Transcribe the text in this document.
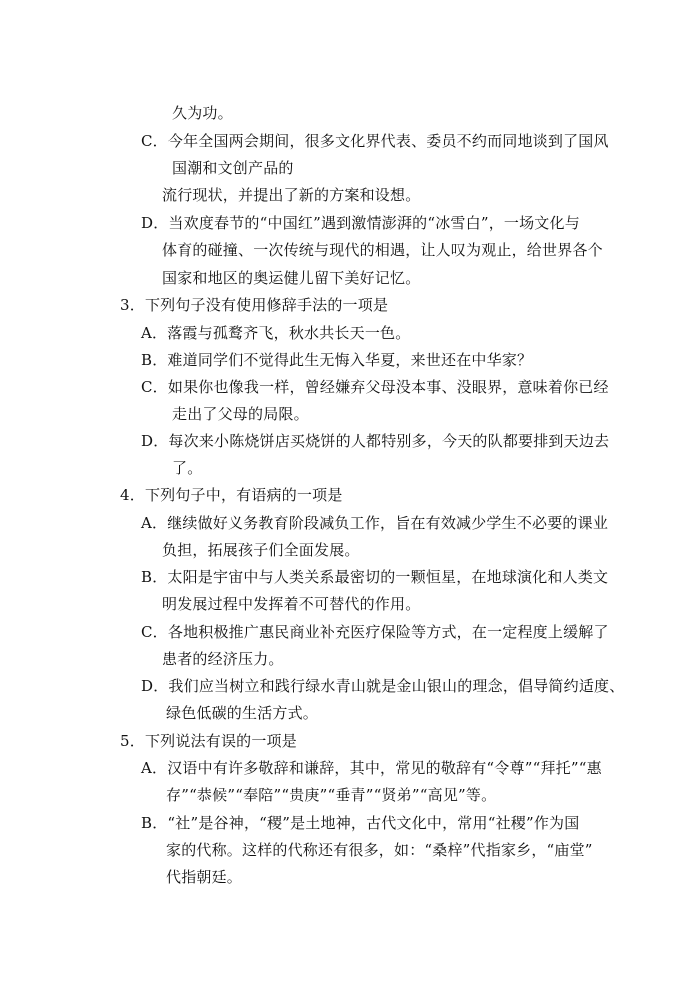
久为功。
C．今年全国两会期间，很多文化界代表、委员不约而同地谈到了国风
国潮和文创产品的
流行现状，并提出了新的方案和设想。
D．当欢度春节的“中国红”遇到激情澎湃的“冰雪白”，一场文化与
体育的碰撞、一次传统与现代的相遇，让人叹为观止，给世界各个
国家和地区的奥运健儿留下美好记忆。
3．下列句子没有使用修辞手法的一项是
A．落霞与孤鹜齐飞，秋水共长天一色。
B．难道同学们不觉得此生无悔入华夏，来世还在中华家？
C．如果你也像我一样，曾经嫌弃父母没本事、没眼界，意味着你已经
走出了父母的局限。
D．每次来小陈烧饼店买烧饼的人都特别多，今天的队都要排到天边去
了。
4．下列句子中，有语病的一项是
A．继续做好义务教育阶段减负工作，旨在有效减少学生不必要的课业
负担，拓展孩子们全面发展。
B．太阳是宇宙中与人类关系最密切的一颗恒星，在地球演化和人类文
明发展过程中发挥着不可替代的作用。
C．各地积极推广惠民商业补充医疗保险等方式，在一定程度上缓解了
患者的经济压力。
D．我们应当树立和践行绿水青山就是金山银山的理念，倡导简约适度、
绿色低碳的生活方式。
5．下列说法有误的一项是
A．汉语中有许多敬辞和谦辞，其中，常见的敬辞有“令尊”“拜托”“惠
存”“恭候”“奉陪”“贵庚”“垂青”“贤弟”“高见”等。
B．“社”是谷神，“稷”是土地神，古代文化中，常用“社稷”作为国
家的代称。这样的代称还有很多，如：“桑梓”代指家乡，“庙堂”
代指朝廷。
